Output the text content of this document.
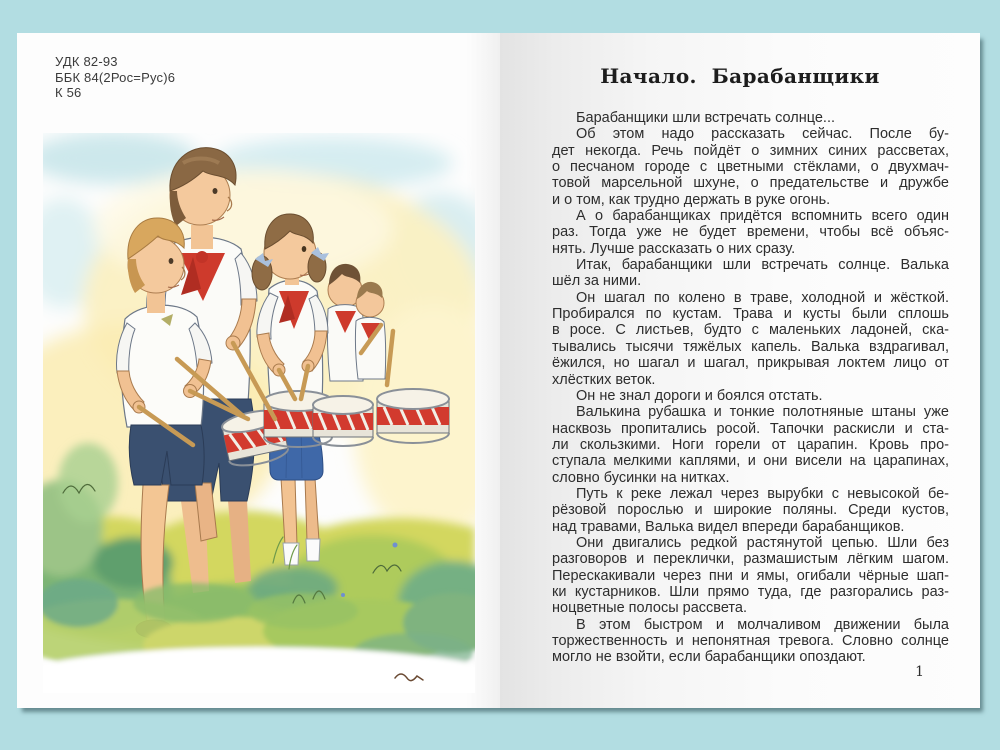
УДК 82-93
ББК 84(2Рос=Рус)6
К 56
Начало.  Барабанщики
Барабанщики шли встречать солнце...
Об этом надо рассказать сейчас. После бу-
дет некогда. Речь пойдёт о зимних синих рассветах,
о песчаном городе с цветными стёклами, о двухмач-
товой марсельной шхуне, о предательстве и дружбе
и о том, как трудно держать в руке огонь.
А о барабанщиках придётся вспомнить всего один
раз. Тогда уже не будет времени, чтобы всё объяс-
нять. Лучше рассказать о них сразу.
Итак, барабанщики шли встречать солнце. Валька
шёл за ними.
Он шагал по колено в траве, холодной и жёсткой.
Пробирался по кустам. Трава и кусты были сплошь
в росе. С листьев, будто с маленьких ладоней, ска-
тывались тысячи тяжёлых капель. Валька вздрагивал,
ёжился, но шагал и шагал, прикрывая локтем лицо от
хлёстких веток.
Он не знал дороги и боялся отстать.
Валькина рубашка и тонкие полотняные штаны уже
насквозь пропитались росой. Тапочки раскисли и ста-
ли скользкими. Ноги горели от царапин. Кровь про-
ступала мелкими каплями, и они висели на царапинах,
словно бусинки на нитках.
Путь к реке лежал через вырубки с невысокой бе-
рёзовой порослью и широкие поляны. Среди кустов,
над травами, Валька видел впереди барабанщиков.
Они двигались редкой растянутой цепью. Шли без
разговоров и переклички, размашистым лёгким шагом.
Перескакивали через пни и ямы, огибали чёрные шап-
ки кустарников. Шли прямо туда, где разгорались раз-
ноцветные полосы рассвета.
В этом быстром и молчаливом движении была
торжественность и непонятная тревога. Словно солнце
могло не взойти, если барабанщики опоздают.
1
